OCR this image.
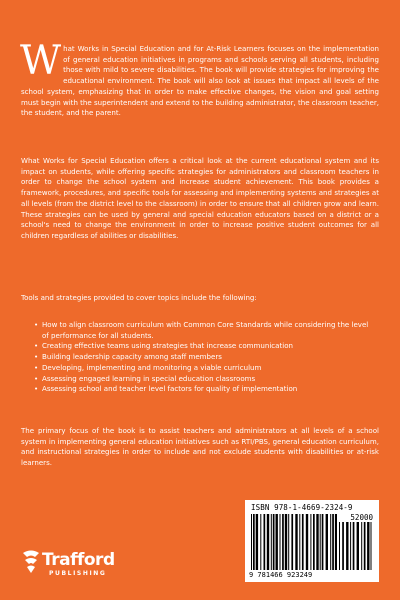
What Works in Special Education and for At-Risk Learners focuses on the implementation of general education initiatives in programs and schools serving all students, including those with mild to severe disabilities. The book will provide strategies for improving the educational environment. The book will also look at issues that impact all levels of the school system, emphasizing that in order to make effective changes, the vision and goal setting must begin with the superintendent and extend to the building administrator, the classroom teacher, the student, and the parent.

What Works for Special Education offers a critical look at the current educational system and its impact on students, while offering specific strategies for administrators and classroom teachers in order to change the school system and increase student achievement. This book provides a framework, procedures, and specific tools for assessing and implementing systems and strategies at all levels (from the district level to the classroom) in order to ensure that all children grow and learn. These strategies can be used by general and special education educators based on a district or a school's need to change the environment in order to increase positive student outcomes for all children regardless of abilities or disabilities.

Tools and strategies provided to cover topics include the following:

• How to align classroom curriculum with Common Core Standards while considering the level of performance for all students.
• Creating effective teams using strategies that increase communication
• Building leadership capacity among staff members
• Developing, implementing and monitoring a viable curriculum
• Assessing engaged learning in special education classrooms
• Assessing school and teacher level factors for quality of implementation

The primary focus of the book is to assist teachers and administrators at all levels of a school system in implementing general education initiatives such as RTI/PBS, general education curriculum, and instructional strategies in order to include and not exclude students with disabilities or at-risk learners.

Trafford
PUBLISHING
ISBN 978-1-4669-2324-9
52000
9 781466 923249
